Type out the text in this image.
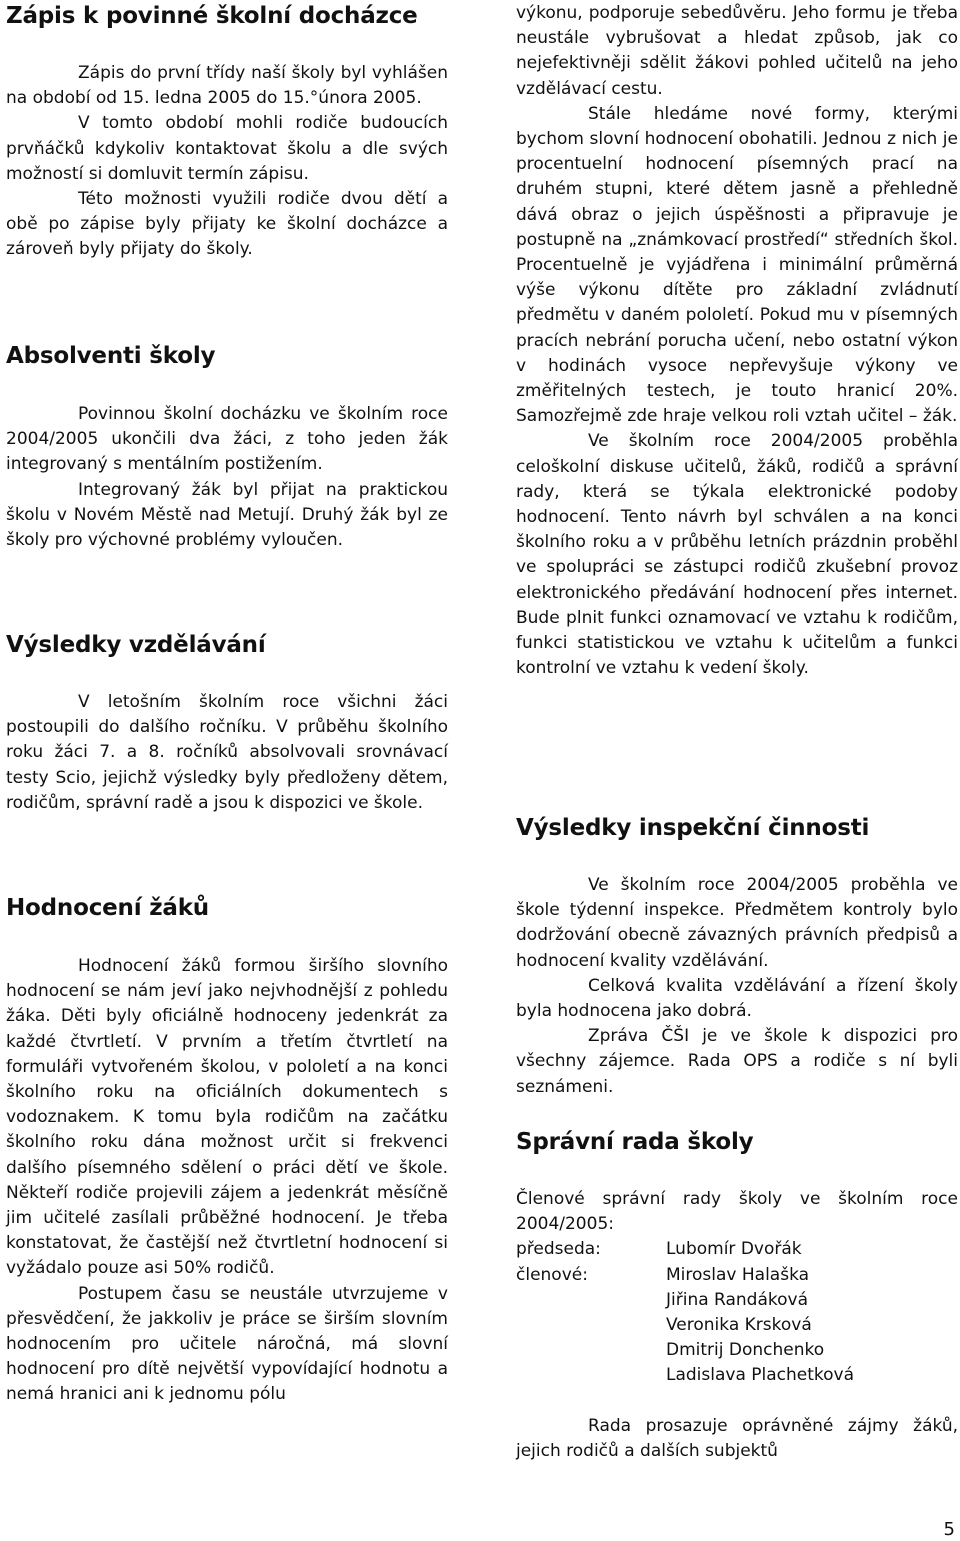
Zápis k povinné školní docházce

Zápis do první třídy naší školy byl vyhlášen na období od 15. ledna 2005 do 15.°února 2005.

V tomto období mohli rodiče budoucích prvňáčků kdykoliv kontaktovat školu a dle svých možností si domluvit termín zápisu.

Této možnosti využili rodiče dvou dětí a obě po zápise byly přijaty ke školní docházce a zároveň byly přijaty do školy.

Absolventi školy

Povinnou školní docházku ve školním roce 2004/2005 ukončili dva žáci, z toho jeden žák integrovaný s mentálním postižením.

Integrovaný žák byl přijat na praktickou školu v Novém Městě nad Metují. Druhý žák byl ze školy pro výchovné problémy vyloučen.

Výsledky vzdělávání

V letošním školním roce všichni žáci postoupili do dalšího ročníku. V průběhu školního roku žáci 7. a 8. ročníků absolvovali srovnávací testy Scio, jejichž výsledky byly předloženy dětem, rodičům, správní radě a jsou k dispozici ve škole.

Hodnocení žáků

Hodnocení žáků formou širšího slovního hodnocení se nám jeví jako nejvhodnější z pohledu žáka. Děti byly oficiálně hodnoceny jedenkrát za každé čtvrtletí. V prvním a třetím čtvrtletí na formuláři vytvořeném školou, v pololetí a na konci školního roku na oficiálních dokumentech s vodoznakem. K tomu byla rodičům na začátku školního roku dána možnost určit si frekvenci dalšího písemného sdělení o práci dětí ve škole. Někteří rodiče projevili zájem a jedenkrát měsíčně jim učitelé zasílali průběžné hodnocení. Je třeba konstatovat, že častější než čtvrtletní hodnocení si vyžádalo pouze asi 50% rodičů.

Postupem času se neustále utvrzujeme v přesvědčení, že jakkoliv je práce se širším slovním hodnocením pro učitele náročná, má slovní hodnocení pro dítě největší vypovídající hodnotu a nemá hranici ani k jednomu pólu

výkonu, podporuje sebedůvěru. Jeho formu je třeba neustále vybrušovat a hledat způsob, jak co nejefektivněji sdělit žákovi pohled učitelů na jeho vzdělávací cestu.

Stále hledáme nové formy, kterými bychom slovní hodnocení obohatili. Jednou z nich je procentuelní hodnocení písemných prací na druhém stupni, které dětem jasně a přehledně dává obraz o jejich úspěšnosti a připravuje je postupně na „známkovací prostředí“ středních škol. Procentuelně je vyjádřena i minimální průměrná výše výkonu dítěte pro základní zvládnutí předmětu v daném pololetí. Pokud mu v písemných pracích nebrání porucha učení, nebo ostatní výkon v hodinách vysoce nepřevyšuje výkony ve změřitelných testech, je touto hranicí 20%. Samozřejmě zde hraje velkou roli vztah učitel – žák.

Ve školním roce 2004/2005 proběhla celoškolní diskuse učitelů, žáků, rodičů a správní rady, která se týkala elektronické podoby hodnocení. Tento návrh byl schválen a na konci školního roku a v průběhu letních prázdnin proběhl ve spolupráci se zástupci rodičů zkušební provoz elektronického předávání hodnocení přes internet. Bude plnit funkci oznamovací ve vztahu k rodičům, funkci statistickou ve vztahu k učitelům a funkci kontrolní ve vztahu k vedení školy.

Výsledky inspekční činnosti

Ve školním roce 2004/2005 proběhla ve škole týdenní inspekce. Předmětem kontroly bylo dodržování obecně závazných právních předpisů a hodnocení kvality vzdělávání.

Celková kvalita vzdělávání a řízení školy byla hodnocena jako dobrá.

Zpráva ČŠI je ve škole k dispozici pro všechny zájemce. Rada OPS a rodiče s ní byli seznámeni.

Správní rada školy

Členové správní rady školy ve školním roce 2004/2005:

předseda:	Lubomír Dvořák
členové:	Miroslav Halaška
Jiřina Randáková
Veronika Krsková
Dmitrij Donchenko
Ladislava Plachetková

Rada prosazuje oprávněné zájmy žáků, jejich rodičů a dalších subjektů

5
